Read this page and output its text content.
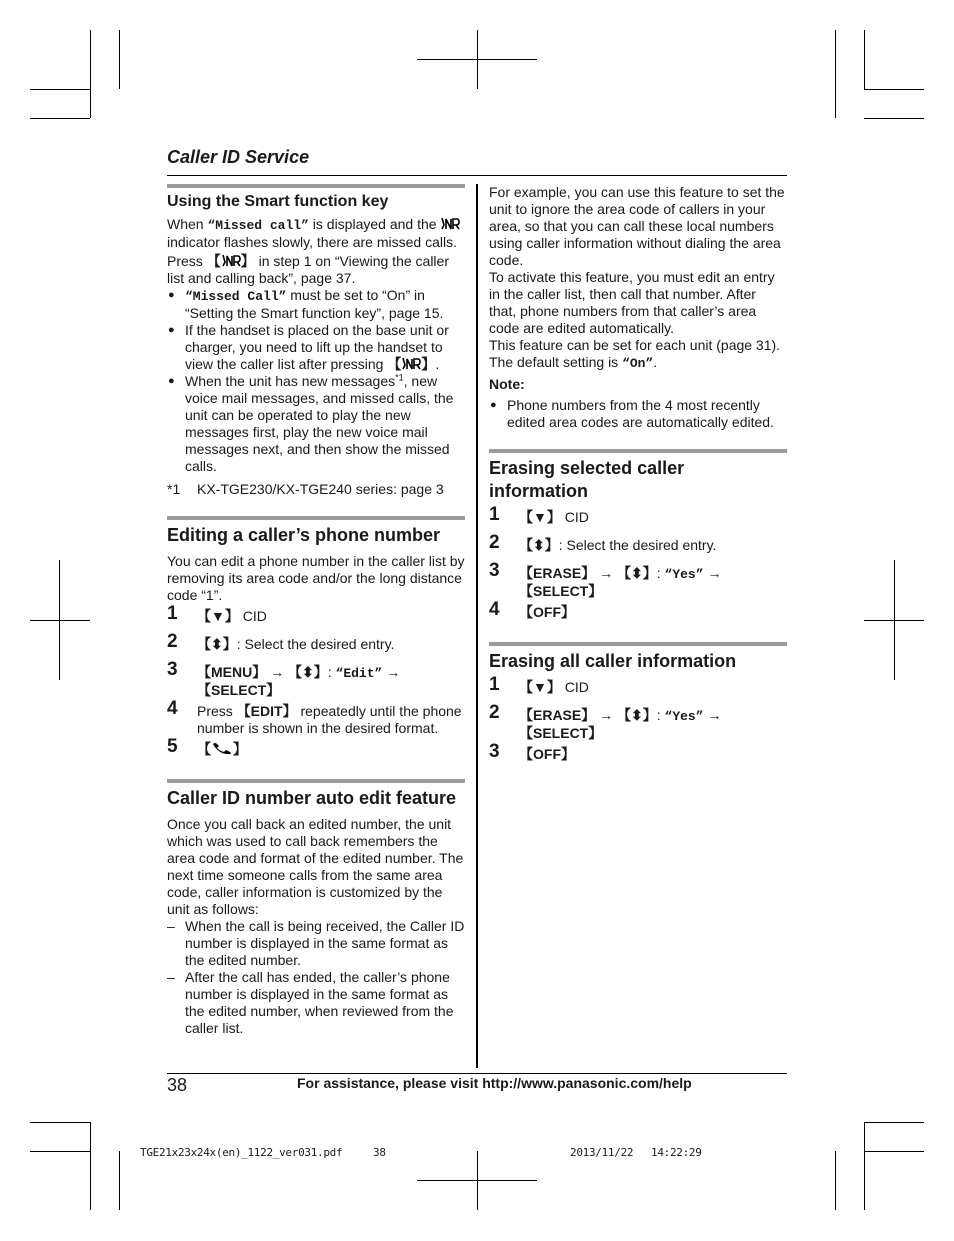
Caller ID Service
Using the Smart function key

When “Missed call” is displayed and the  indicator flashes slowly, there are missed calls.

Press 【 】 in step 1 on “Viewing the caller list and calling back”, page 37.

● “Missed Call” must be set to “On” in “Setting the Smart function key”, page 15.
● If the handset is placed on the base unit or charger, you need to lift up the handset to view the caller list after pressing 【 】.
● When the unit has new messages$^{*1}$, new voice mail messages, and missed calls, the unit can be operated to play the new messages first, play the new voice mail messages next, and then show the missed calls.
*1	KX-TGE230/KX-TGE240 series: page 3
Editing a caller’s phone number

You can edit a phone number in the caller list by removing its area code and/or the long distance code “1”.

1 【▼】 CID
2 【⬍】: Select the desired entry.
3 【MENU】 → 【⬍】: “Edit” → 【SELECT】
4 Press 【EDIT】 repeatedly until the phone number is shown in the desired format.
5 【 】
Caller ID number auto edit feature

Once you call back an edited number, the unit which was used to call back remembers the area code and format of the edited number. The next time someone calls from the same area code, caller information is customized by the unit as follows:

– When the call is being received, the Caller ID number is displayed in the same format as the edited number.
– After the call has ended, the caller’s phone number is displayed in the same format as the edited number, when reviewed from the caller list.

For example, you can use this feature to set the unit to ignore the area code of callers in your area, so that you can call these local numbers using caller information without dialing the area code.

To activate this feature, you must edit an entry in the caller list, then call that number. After that, phone numbers from that caller’s area code are edited automatically.

This feature can be set for each unit (page 31). The default setting is “On”.

Note:

● Phone numbers from the 4 most recently edited area codes are automatically edited.
Erasing selected caller information
1 【▼】 CID
2 【⬍】: Select the desired entry.
3 【ERASE】 → 【⬍】: “Yes” → 【SELECT】
4 【OFF】
Erasing all caller information
1 【▼】 CID
2 【ERASE】 → 【⬍】: “Yes” → 【SELECT】
3 【OFF】
38	For assistance, please visit http://www.panasonic.com/help
TGE21x23x24x(en)_1122_ver031.pdf	38	2013/11/22 14:22:29
